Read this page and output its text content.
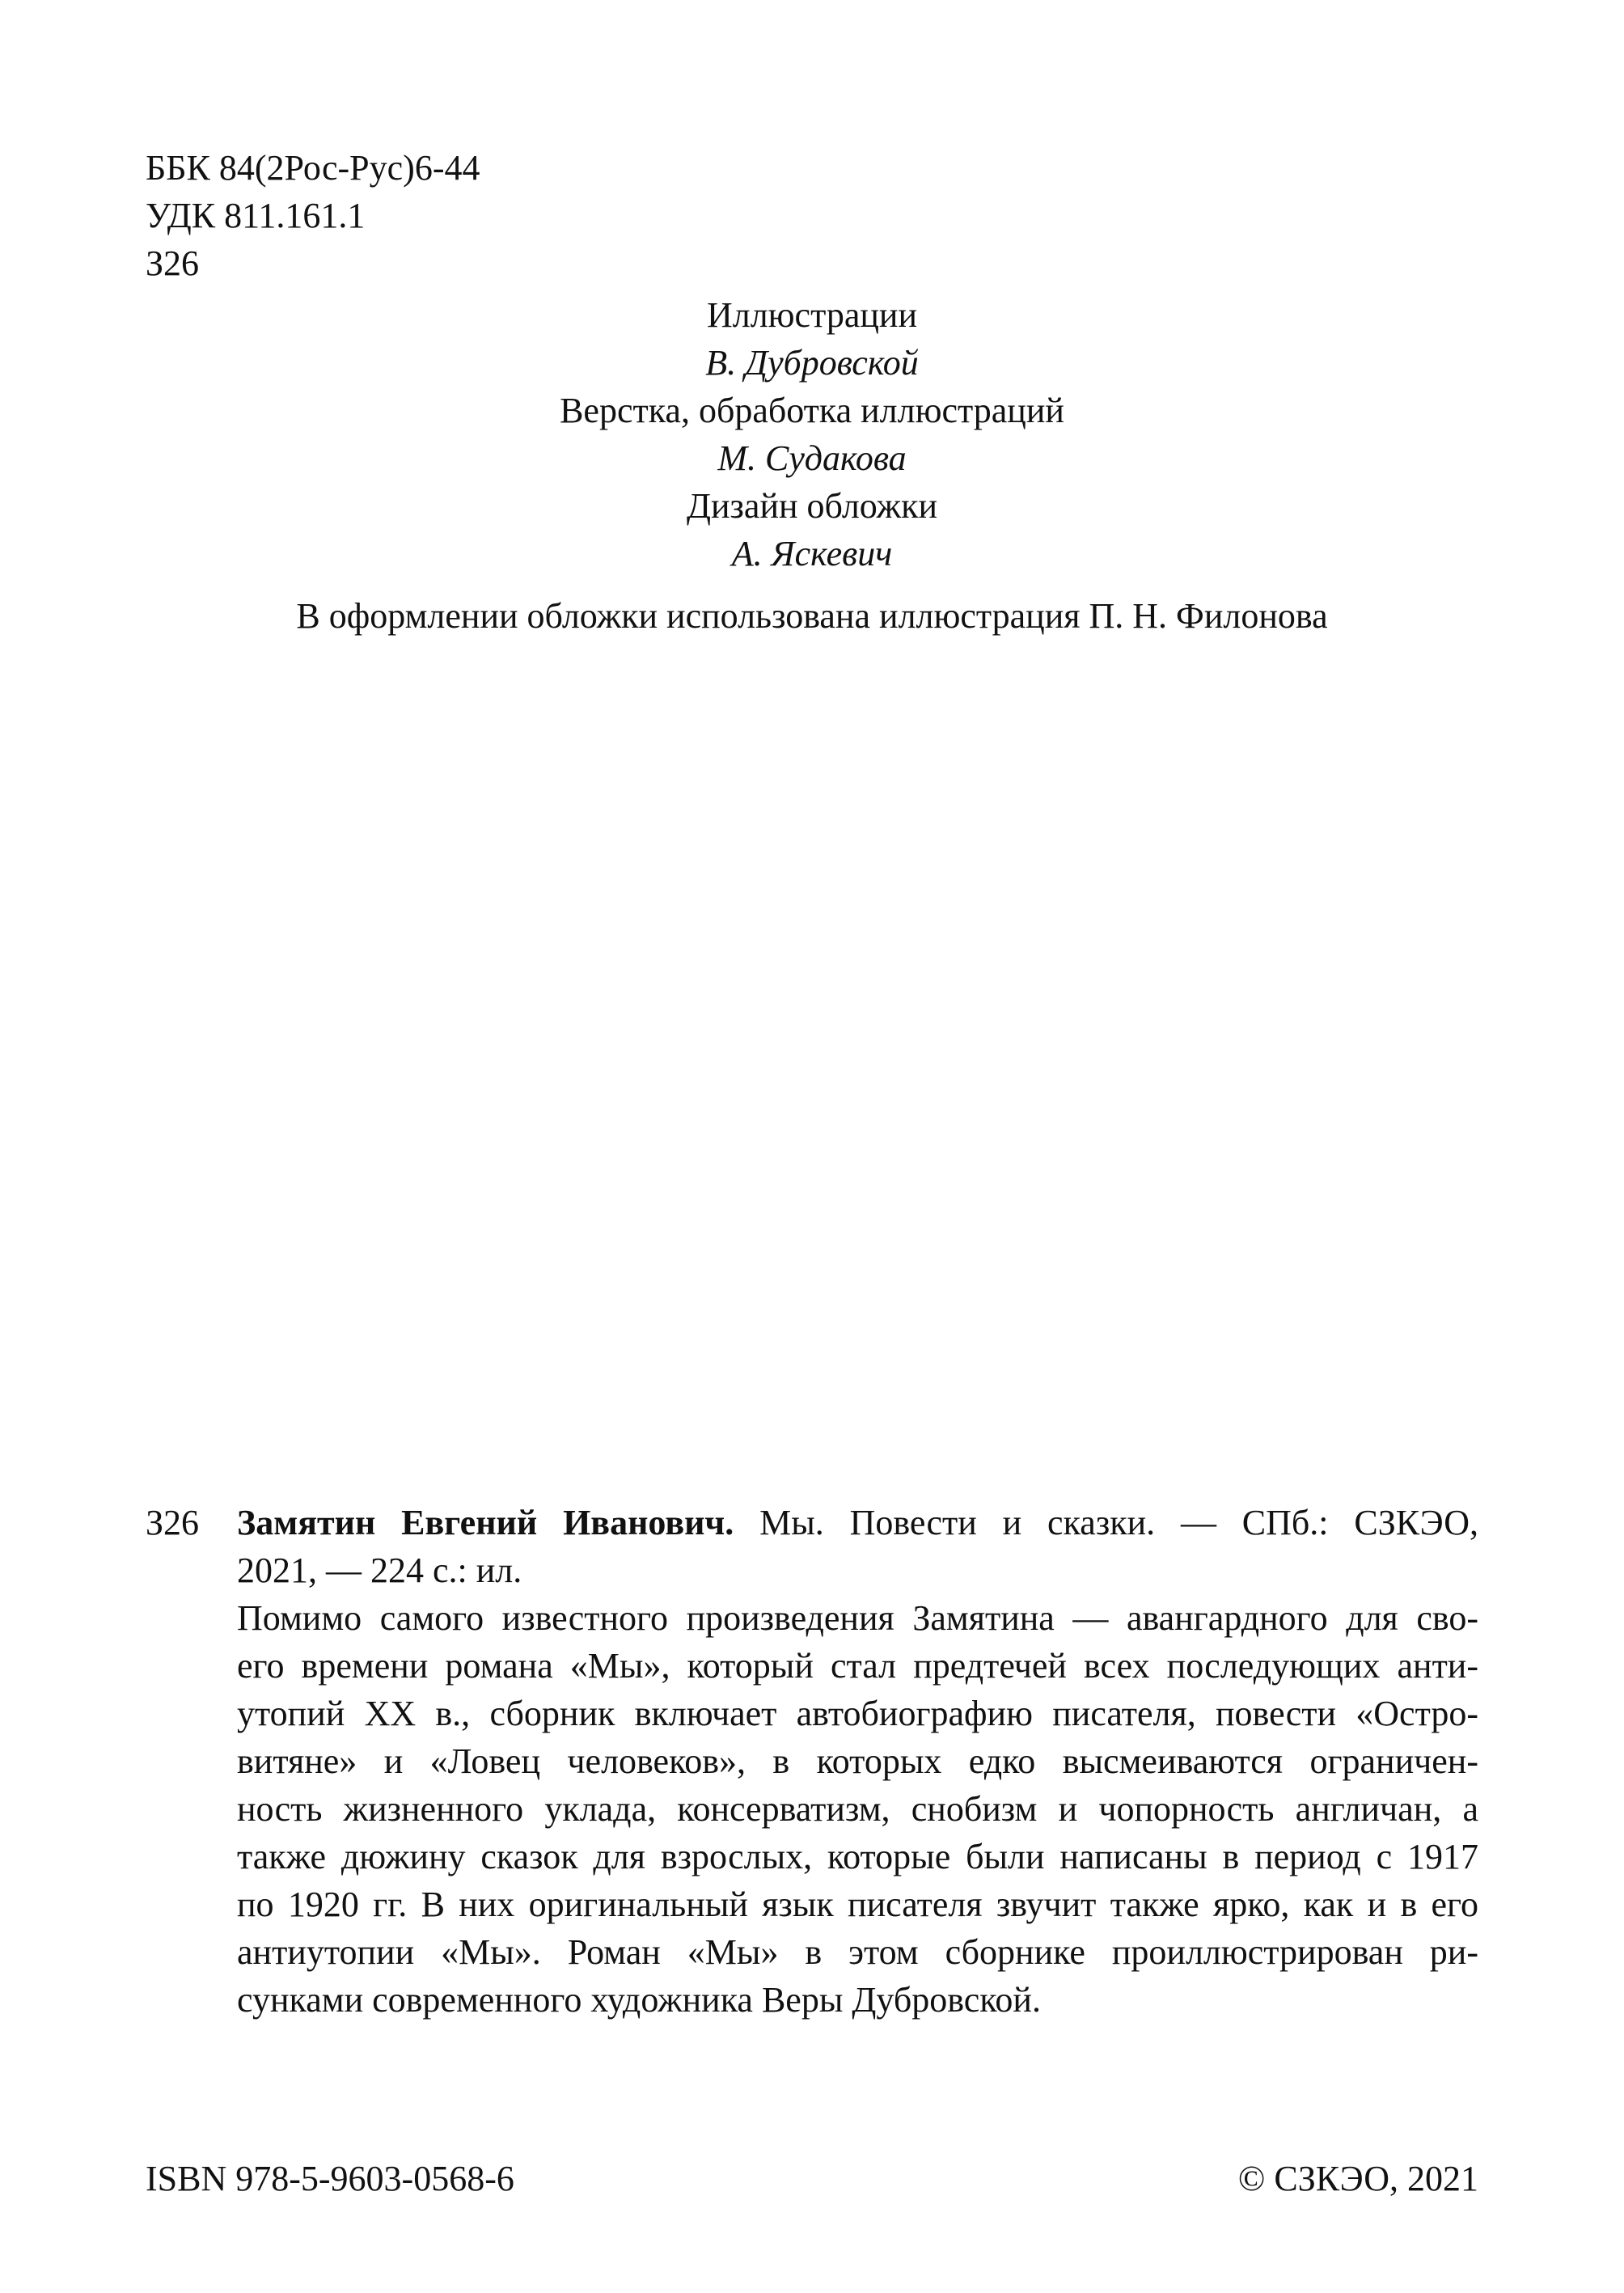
ББК 84(2Рос-Рус)6-44
УДК 811.161.1
З26
Иллюстрации
В. Дубровской
Верстка, обработка иллюстраций
М. Судакова
Дизайн обложки
А. Яскевич
В оформлении обложки использована иллюстрация П. Н. Филонова
З26 Замятин Евгений Иванович. Мы. Повести и сказки. — СПб.: СЗКЭО,
2021, — 224 с.: ил.
Помимо самого известного произведения Замятина — авангардного для сво-
его времени романа «Мы», который стал предтечей всех последующих анти-
утопий XX в., сборник включает автобиографию писателя, повести «Остро-
витяне» и «Ловец человеков», в которых едко высмеиваются ограничен-
ность жизненного уклада, консерватизм, снобизм и чопорность англичан, а
также дюжину сказок для взрослых, которые были написаны в период с 1917
по 1920 гг. В них оригинальный язык писателя звучит также ярко, как и в его
антиутопии «Мы». Роман «Мы» в этом сборнике проиллюстрирован ри-
сунками современного художника Веры Дубровской.
ISBN 978-5-9603-0568-6	© СЗКЭО, 2021
